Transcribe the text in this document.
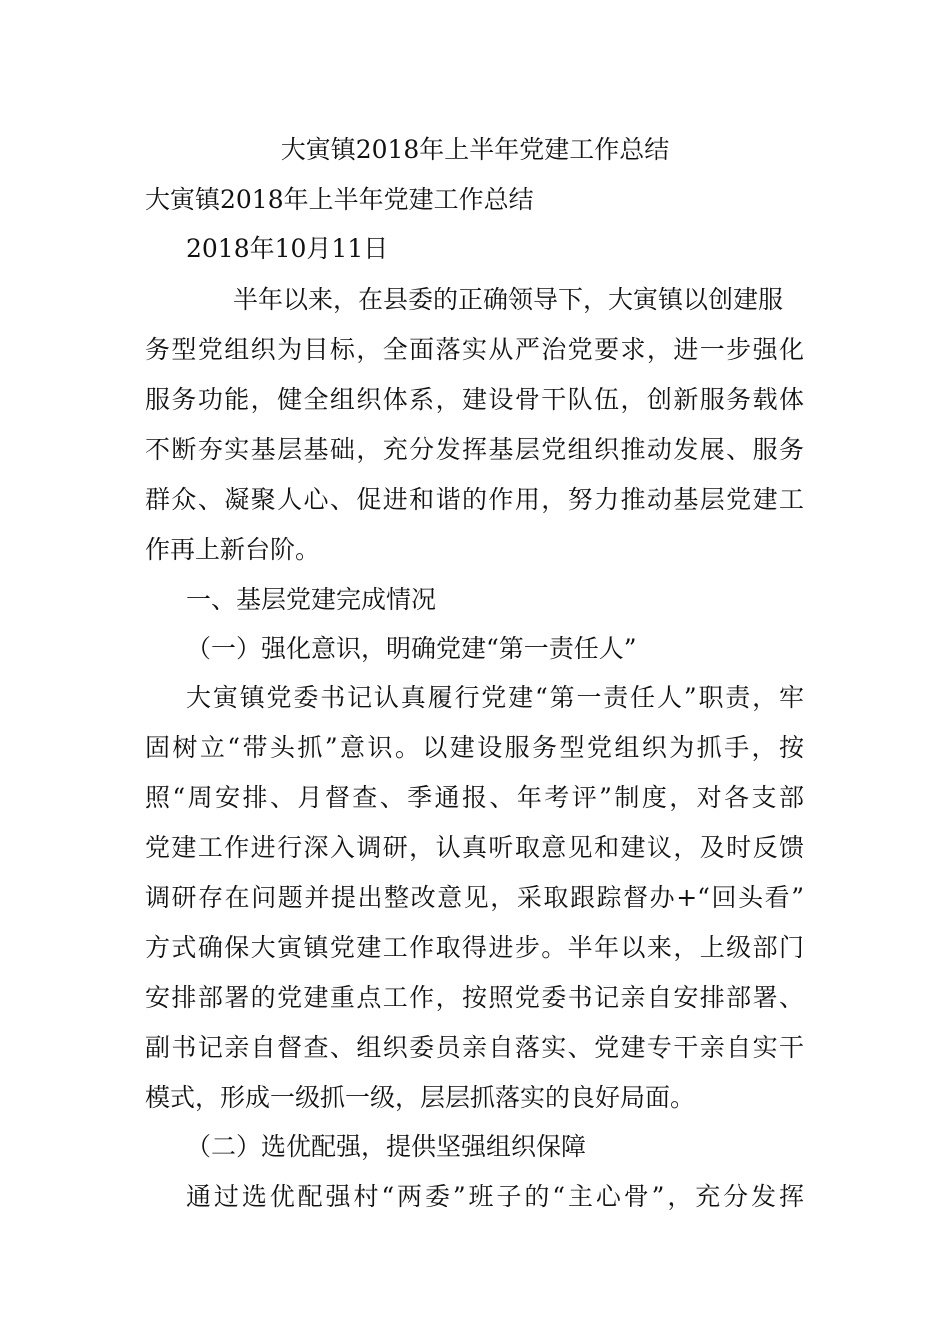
大寅镇2018年上半年党建工作总结

大寅镇2018年上半年党建工作总结

2018年10月11日

半年以来，在县委的正确领导下，大寅镇以创建服

务型党组织为目标，全面落实从严治党要求，进一步强化

服务功能，健全组织体系，建设骨干队伍，创新服务载体

不断夯实基层基础，充分发挥基层党组织推动发展、服务

群众、凝聚人心、促进和谐的作用，努力推动基层党建工

作再上新台阶。

一、基层党建完成情况

（一）强化意识，明确党建“第一责任人”

大寅镇党委书记认真履行党建“第一责任人”职责，牢

固树立“带头抓”意识。以建设服务型党组织为抓手，按

照“周安排、月督查、季通报、年考评”制度，对各支部

党建工作进行深入调研，认真听取意见和建议，及时反馈

调研存在问题并提出整改意见，采取跟踪督办+“回头看”

方式确保大寅镇党建工作取得进步。半年以来，上级部门

安排部署的党建重点工作，按照党委书记亲自安排部署、

副书记亲自督查、组织委员亲自落实、党建专干亲自实干

模式，形成一级抓一级，层层抓落实的良好局面。

（二）选优配强，提供坚强组织保障

通过选优配强村“两委”班子的“主心骨”，充分发挥
